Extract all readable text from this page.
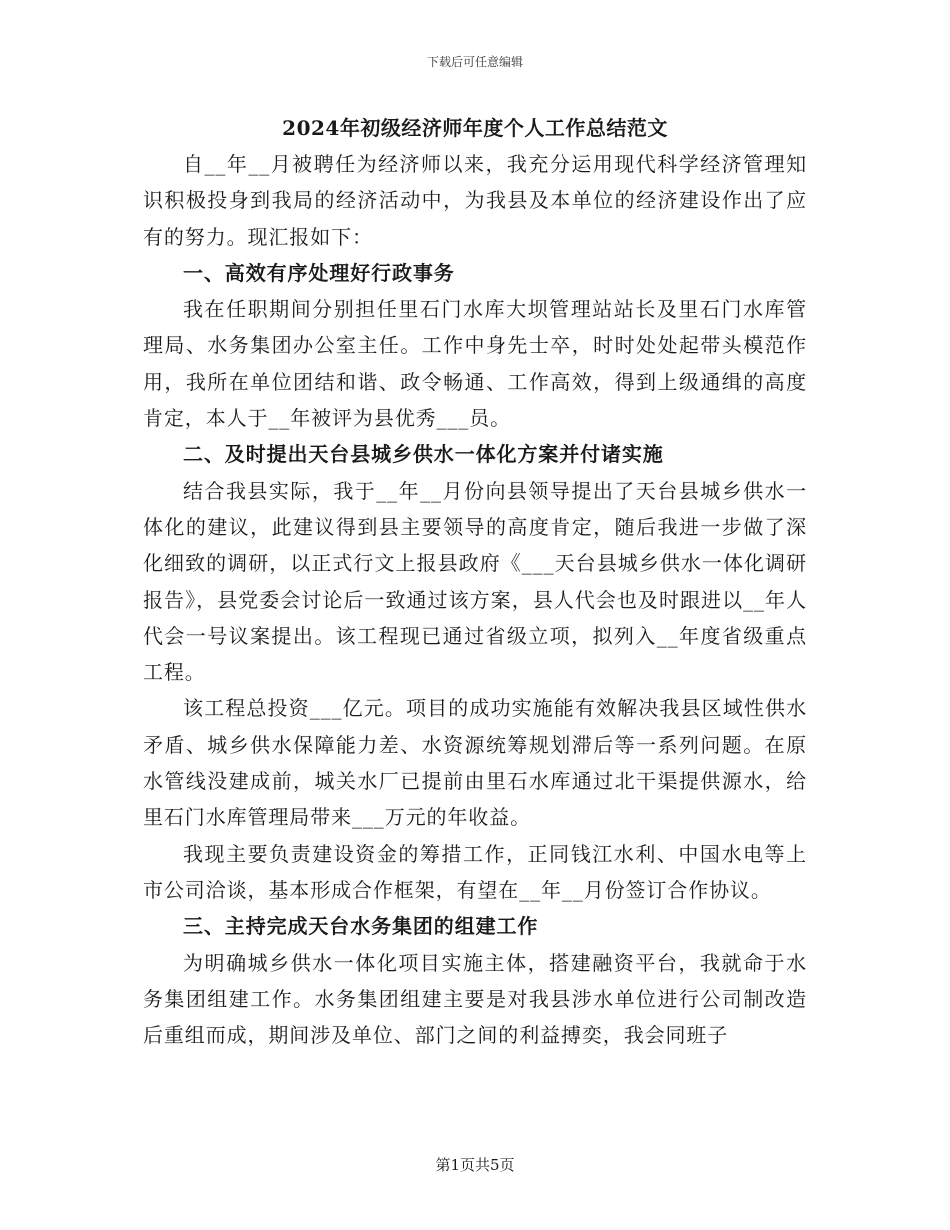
下载后可任意编辑
2024年初级经济师年度个人工作总结范文

自__年__月被聘任为经济师以来，我充分运用现代科学经济管理知识积极投身到我局的经济活动中，为我县及本单位的经济建设作出了应有的努力。现汇报如下：

一、高效有序处理好行政事务

我在任职期间分别担任里石门水库大坝管理站站长及里石门水库管理局、水务集团办公室主任。工作中身先士卒，时时处处起带头模范作用，我所在单位团结和谐、政令畅通、工作高效，得到上级通缉的高度肯定，本人于__年被评为县优秀___员。

二、及时提出天台县城乡供水一体化方案并付诸实施

结合我县实际，我于__年__月份向县领导提出了天台县城乡供水一体化的建议，此建议得到县主要领导的高度肯定，随后我进一步做了深化细致的调研，以正式行文上报县政府《___天台县城乡供水一体化调研报告》，县党委会讨论后一致通过该方案，县人代会也及时跟进以__年人代会一号议案提出。该工程现已通过省级立项，拟列入__年度省级重点工程。

该工程总投资___亿元。项目的成功实施能有效解决我县区域性供水矛盾、城乡供水保障能力差、水资源统筹规划滞后等一系列问题。在原水管线没建成前，城关水厂已提前由里石水库通过北干渠提供源水，给里石门水库管理局带来___万元的年收益。

我现主要负责建设资金的筹措工作，正同钱江水利、中国水电等上市公司洽谈，基本形成合作框架，有望在__年__月份签订合作协议。

三、主持完成天台水务集团的组建工作

为明确城乡供水一体化项目实施主体，搭建融资平台，我就命于水务集团组建工作。水务集团组建主要是对我县涉水单位进行公司制改造后重组而成，期间涉及单位、部门之间的利益搏奕，我会同班子

第1页共5页
